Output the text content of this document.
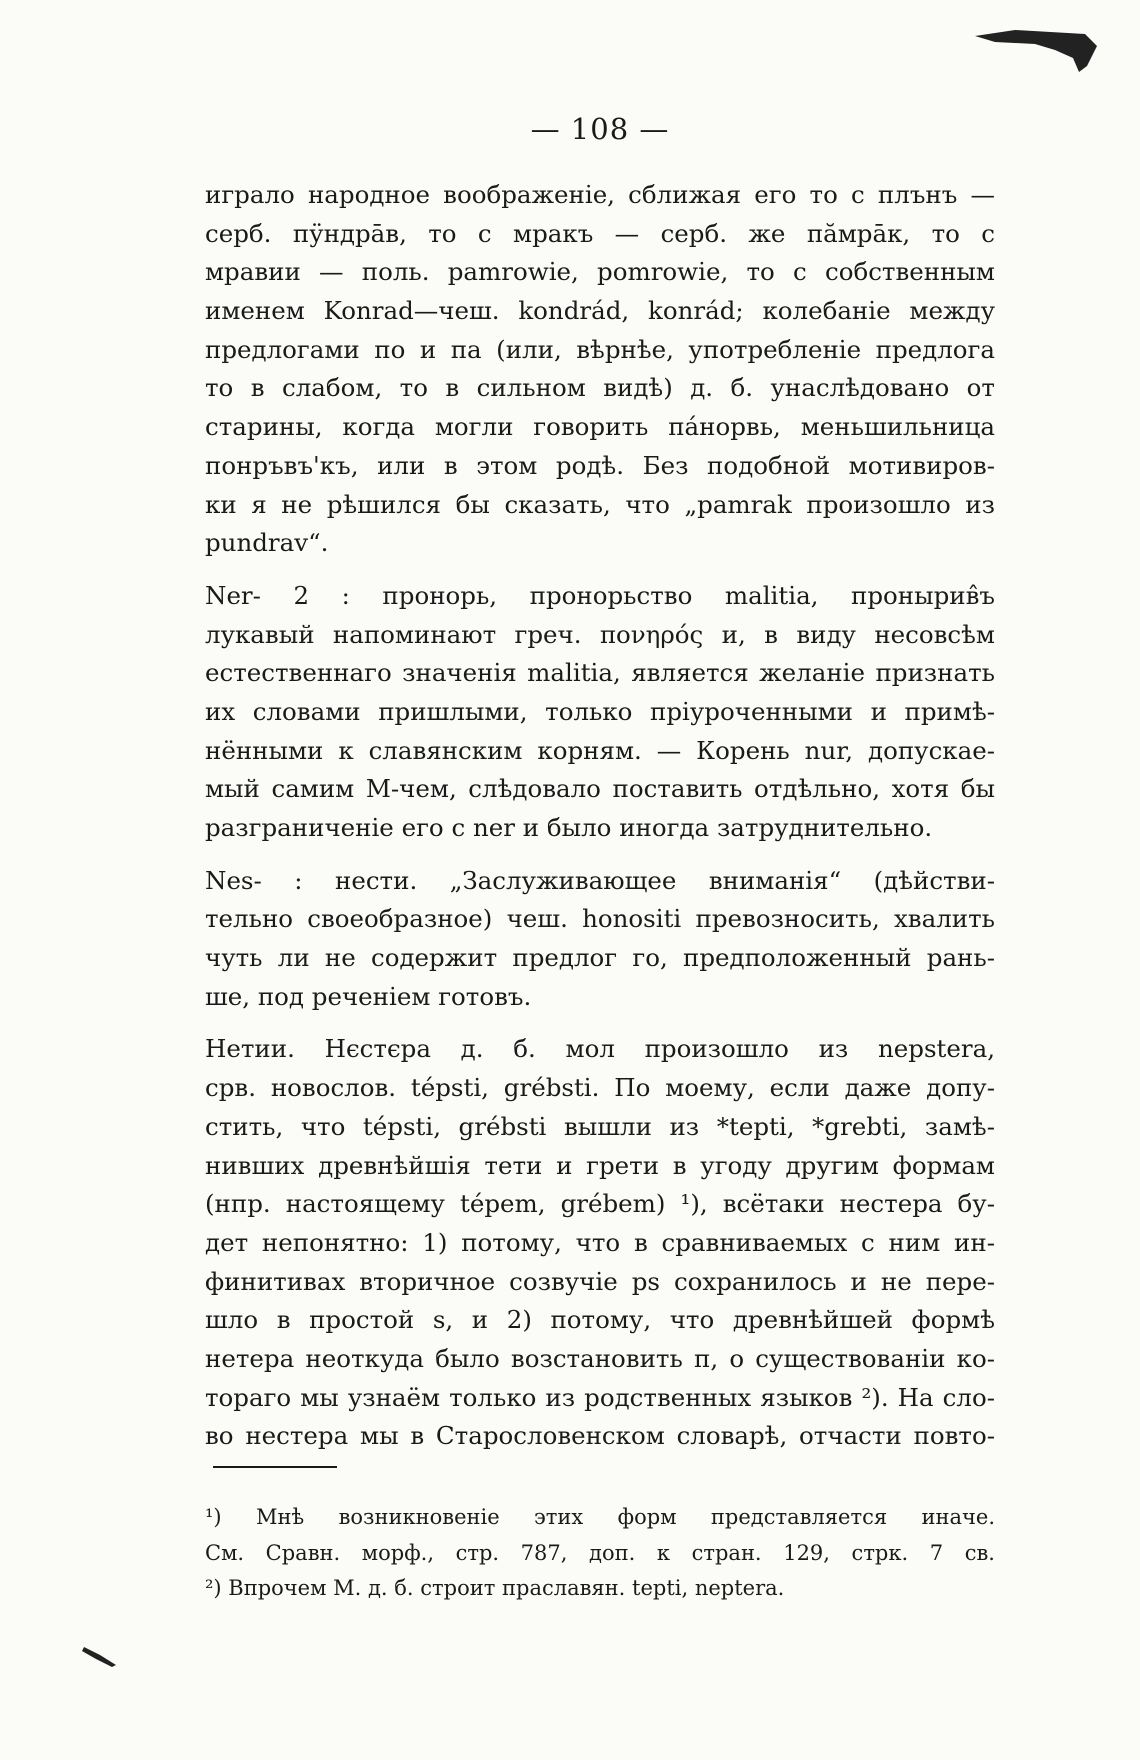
— 108 —
играло народное воображеніе, сближая его то с плънъ —
серб. пӱндрāв, то с мракъ — серб. же пӑмрāк, то с
мравии — поль. pamrowie, pomrowie, то с собственным
именем Konrad—чеш. kondrád, konrád; колебаніе между
предлогами по и па (или, вѣрнѣе, употребленіе предлога
то в слабом, то в сильном видѣ) д. б. унаслѣдовано от
старины, когда могли говорить пáнорвь, меньшильница
понръвъ'къ, или в этом родѣ. Без подобной мотивиров-
ки я не рѣшился бы сказать, что „pamrak произошло из
pundrav“.
Ner- 2 : пронорь, пронорьство malitia, пронырив̂ъ
лукавый напоминают греч. πονηρός и, в виду несовсѣм
естественнаго значенія malitia, является желаніе признать
их словами пришлыми, только пріуроченными и примѣ-
нёнными к славянским корням. — Корень nur, допускае-
мый самим М-чем, слѣдовало поставить отдѣльно, хотя бы
разграниченіе его с ner и было иногда затруднительно.
Nes- : нести. „Заслуживающее вниманія“ (дѣйстви-
тельно своеобразное) чеш. honositi превозносить, хвалить
чуть ли не содержит предлог го, предположенный рань-
ше, под реченіем готовъ.
Нетии. Нєстєра д. б. мол произошло из nepstera,
срв. новослов. tépsti, grébsti. По моему, если даже допу-
стить, что tépsti, grébsti вышли из *tepti, *grebti, замѣ-
нивших древнѣйшія тети и грети в угоду другим формам
(нпр. настоящему tépem, grébem) ¹), всётаки нестера бу-
дет непонятно: 1) потому, что в сравниваемых с ним ин-
финитивах вторичное созвучіе ps сохранилось и не пере-
шло в простой s, и 2) потому, что древнѣйшей формѣ
нетера неоткуда было возстановить п, о существованіи ко-
тораго мы узнаём только из родственных языков ²). На сло-
во нестера мы в Старословенском словарѣ, отчасти повто-
¹) Мнѣ возникновеніе этих форм представляется иначе.
См. Сравн. морф., стр. 787, доп. к стран. 129, стрк. 7 св.
²) Впрочем М. д. б. строит праславян. tepti, neptera.
